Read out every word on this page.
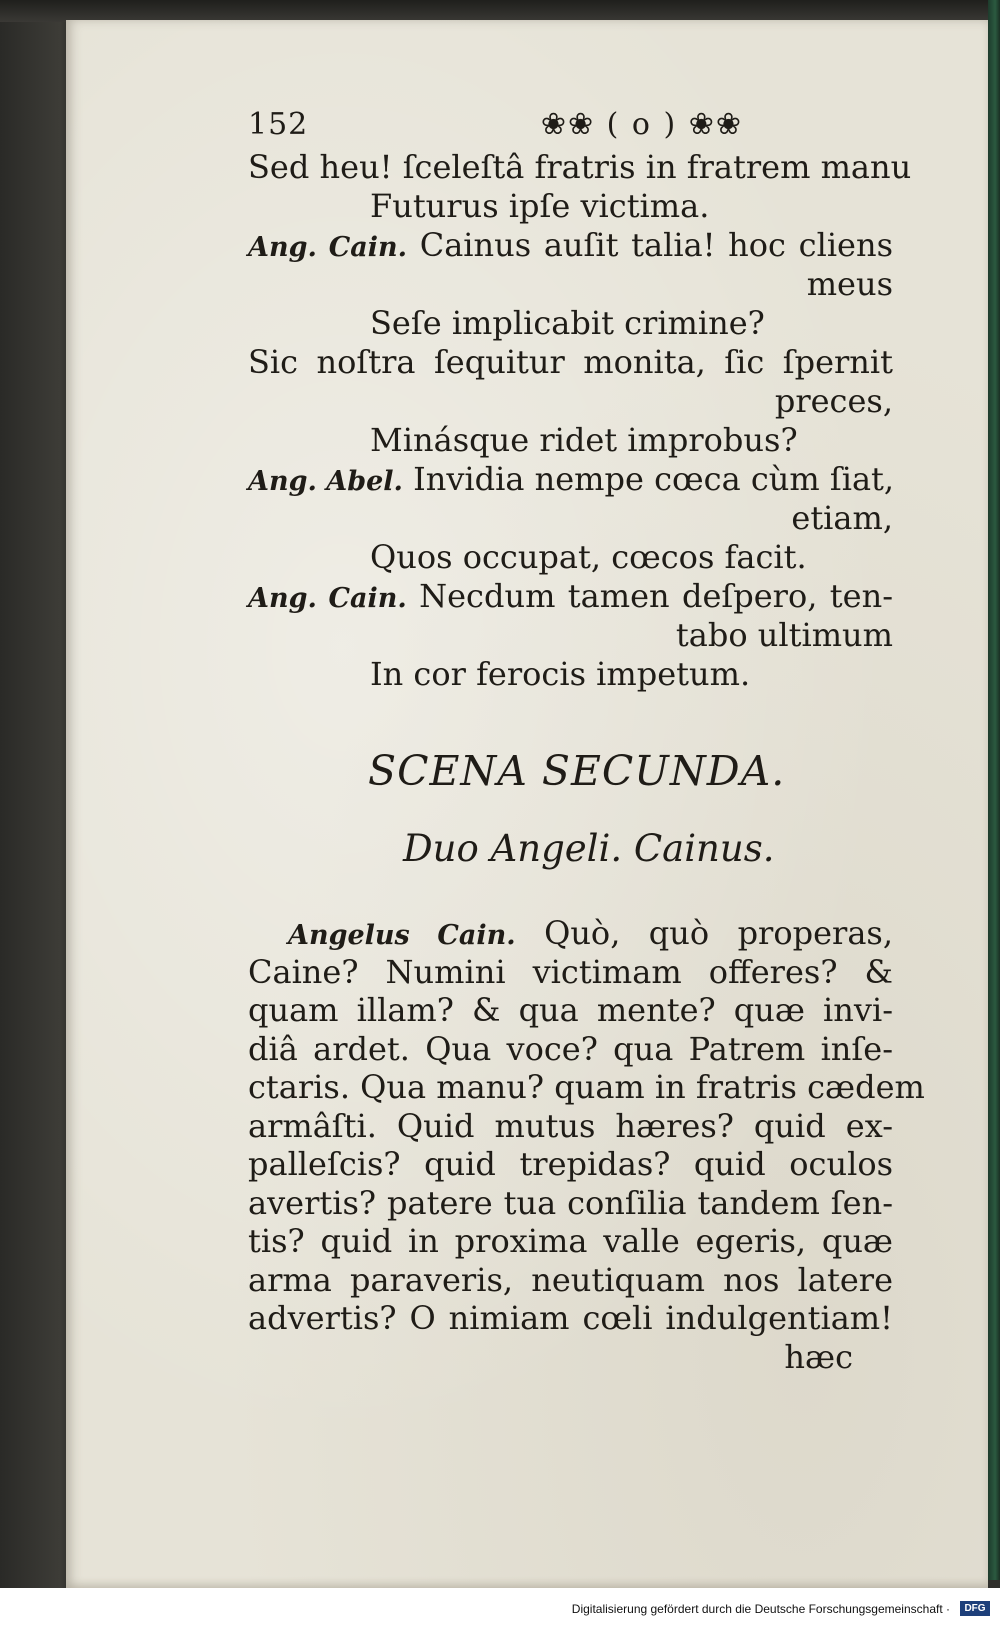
152	❀❀ ( o ) ❀❀
Sed heu! ſceleſtâ fratris in fratrem manu
Futurus ipſe victima.
Ang. Cain. Cainus auſit talia! hoc cliens
meus
Seſe implicabit crimine?
Sic noſtra ſequitur monita, ſic ſpernit
preces,
Minásque ridet improbus?
Ang. Abel. Invidia nempe cœca cùm ſiat,
etiam,
Quos occupat, cœcos facit.
Ang. Cain. Necdum tamen deſpero, ten-
tabo ultimum
In cor ferocis impetum.
SCENA SECUNDA.
Duo Angeli. Cainus.
Angelus Cain. Quò, quò properas,
Caine? Numini victimam offeres? &
quam illam? & qua mente? quæ invi-
diâ ardet. Qua voce? qua Patrem inſe-
ctaris. Qua manu? quam in fratris cædem
armâſti. Quid mutus hæres? quid ex-
palleſcis? quid trepidas? quid oculos
avertis? patere tua conſilia tandem ſen-
tis? quid in proxima valle egeris, quæ
arma paraveris, neutiquam nos latere
advertis? O nimiam cœli indulgentiam!
hæc
Digitalisierung gefördert durch die Deutsche Forschungsgemeinschaft ·	DFG
